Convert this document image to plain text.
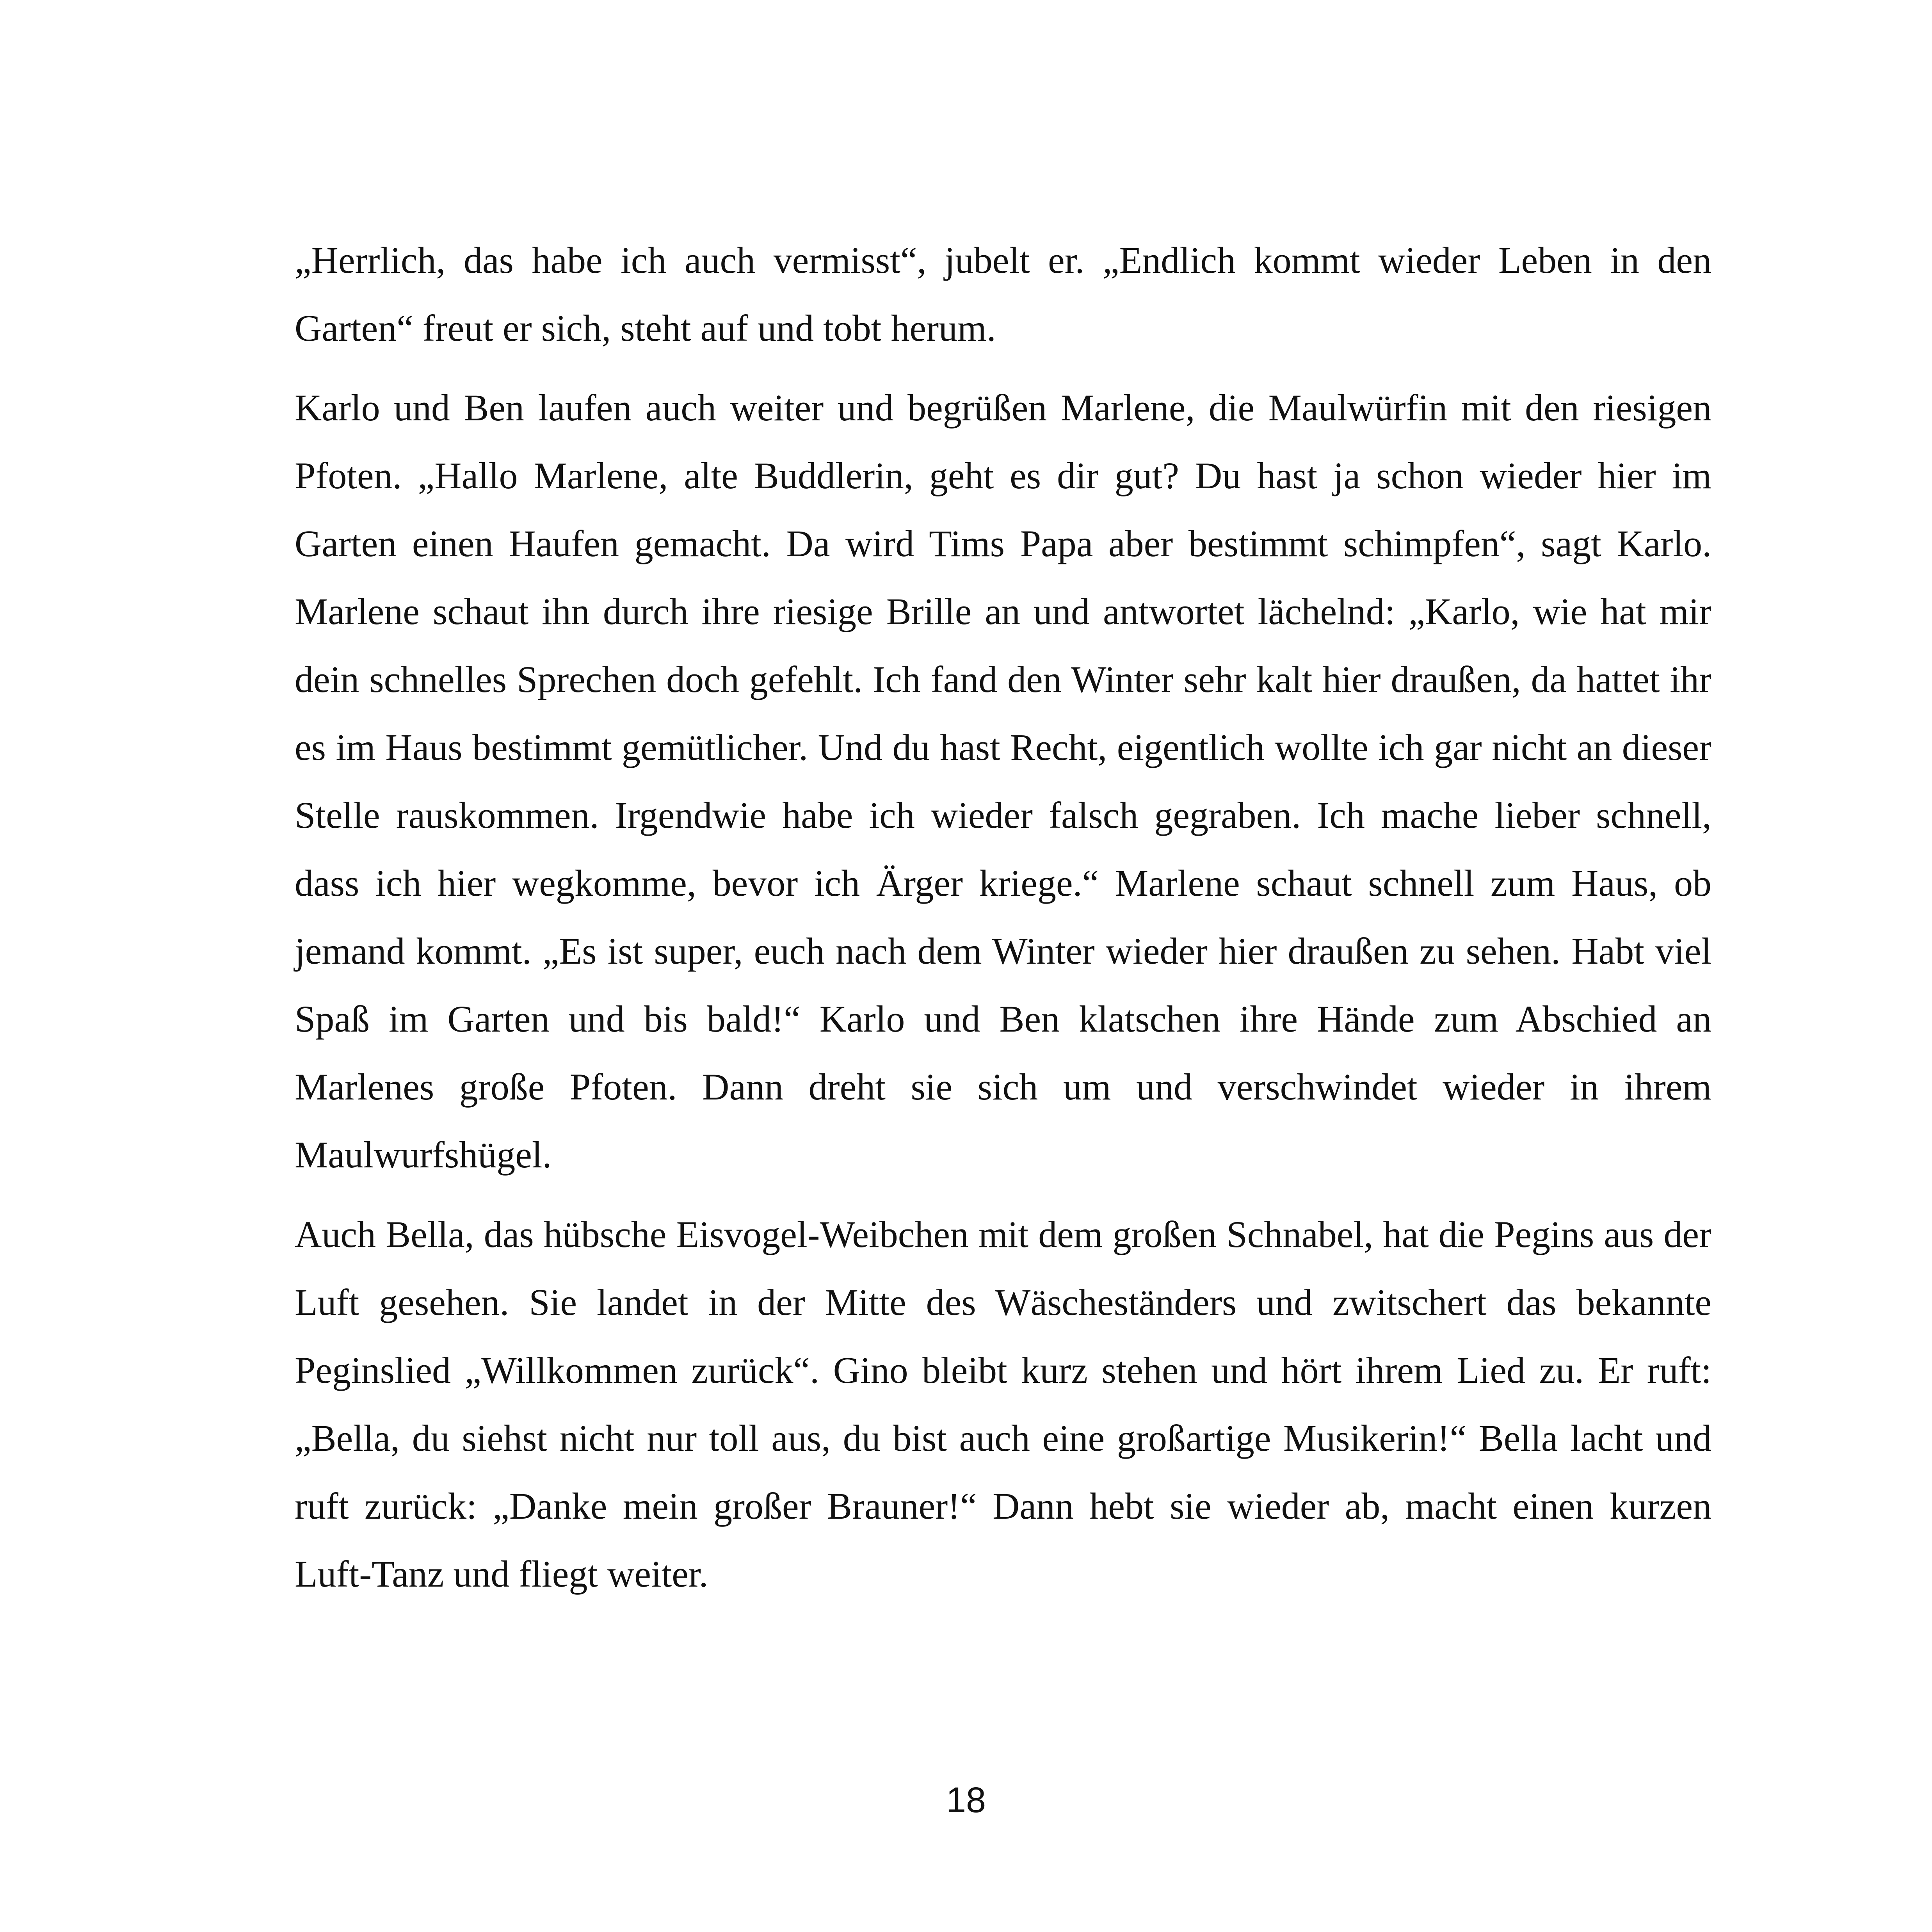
„Herrlich, das habe ich auch vermisst“, jubelt er. „Endlich kommt wieder Leben in den Garten“ freut er sich, steht auf und tobt herum.

Karlo und Ben laufen auch weiter und begrüßen Marlene, die Maulwürfin mit den riesigen Pfoten. „Hallo Marlene, alte Buddlerin, geht es dir gut? Du hast ja schon wieder hier im Garten einen Haufen gemacht. Da wird Tims Papa aber bestimmt schimpfen“, sagt Karlo. Marlene schaut ihn durch ihre riesige Brille an und antwortet lächelnd: „Karlo, wie hat mir dein schnelles Sprechen doch gefehlt. Ich fand den Winter sehr kalt hier draußen, da hattet ihr es im Haus bestimmt gemütlicher. Und du hast Recht, eigentlich wollte ich gar nicht an dieser Stelle rauskommen. Irgendwie habe ich wieder falsch gegraben. Ich mache lieber schnell, dass ich hier wegkomme, bevor ich Ärger kriege.“ Marlene schaut schnell zum Haus, ob jemand kommt. „Es ist super, euch nach dem Winter wieder hier draußen zu sehen. Habt viel Spaß im Garten und bis bald!“ Karlo und Ben klatschen ihre Hände zum Abschied an Marlenes große Pfoten. Dann dreht sie sich um und verschwindet wieder in ihrem Maulwurfshügel.

Auch Bella, das hübsche Eisvogel-Weibchen mit dem großen Schnabel, hat die Pegins aus der Luft gesehen. Sie landet in der Mitte des Wäscheständers und zwitschert das bekannte Peginslied „Willkommen zurück“. Gino bleibt kurz stehen und hört ihrem Lied zu. Er ruft: „Bella, du siehst nicht nur toll aus, du bist auch eine großartige Musikerin!“ Bella lacht und ruft zurück: „Danke mein großer Brauner!“ Dann hebt sie wieder ab, macht einen kurzen Luft-Tanz und fliegt weiter.

18
